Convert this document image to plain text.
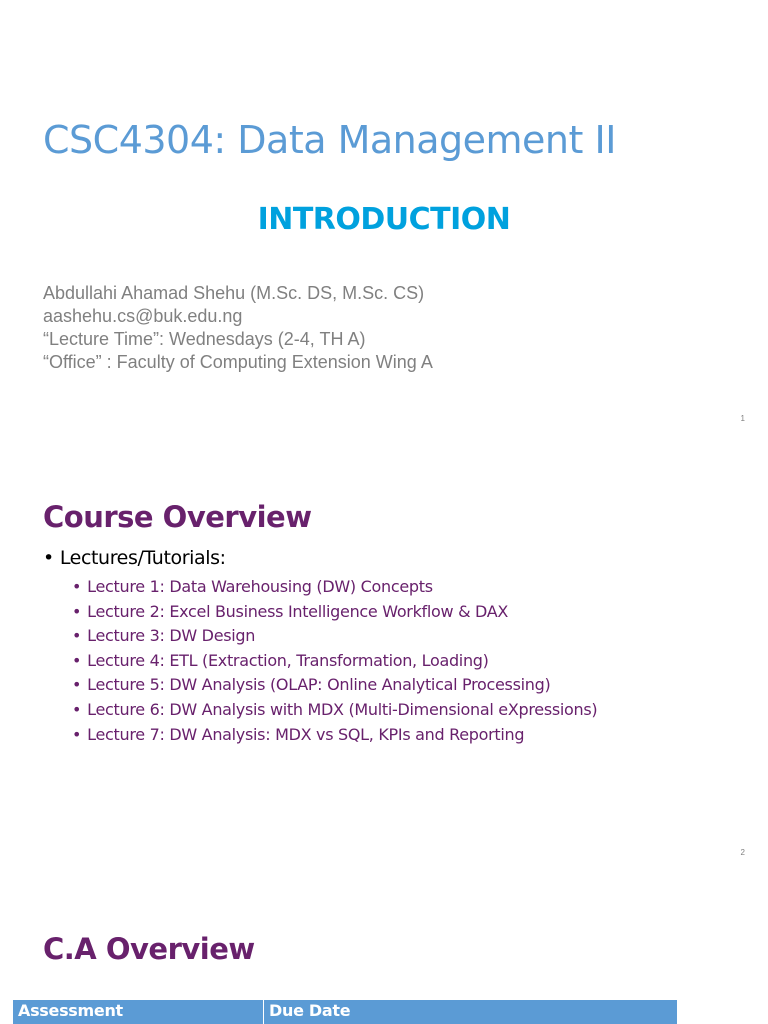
CSC4304: Data Management II
INTRODUCTION
Abdullahi Ahamad Shehu (M.Sc. DS, M.Sc. CS)
aashehu.cs@buk.edu.ng
“Lecture Time”: Wednesdays (2-4, TH A)
“Office” : Faculty of Computing Extension Wing A
1
Course Overview
• Lectures/Tutorials:
• Lecture 1: Data Warehousing (DW) Concepts
• Lecture 2: Excel Business Intelligence Workflow & DAX
• Lecture 3: DW Design
• Lecture 4: ETL (Extraction, Transformation, Loading)
• Lecture 5: DW Analysis (OLAP: Online Analytical Processing)
• Lecture 6: DW Analysis with MDX (Multi-Dimensional eXpressions)
• Lecture 7: DW Analysis: MDX vs SQL, KPIs and Reporting
2
C.A Overview
Assessment	Due Date
